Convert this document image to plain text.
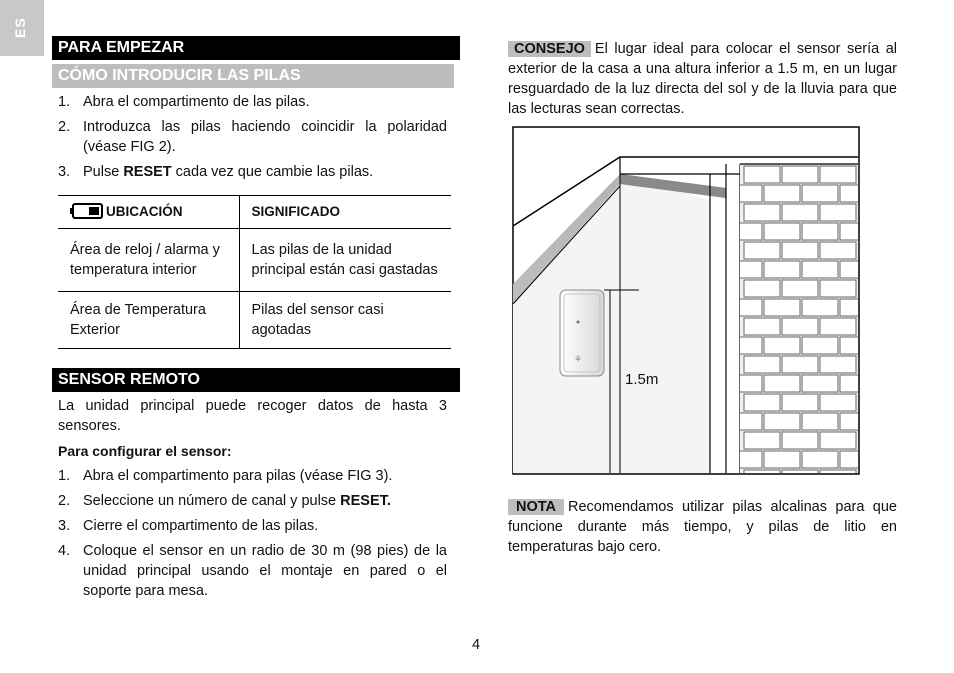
ES
PARA EMPEZAR
CÓMO INTRODUCIR LAS PILAS
1. Abra el compartimento de las pilas.
2. Introduzca las pilas haciendo coincidir la polaridad (véase FIG 2).
3. Pulse RESET cada vez que cambie las pilas.
UBICACIÓN	SIGNIFICADO
Área de reloj / alarma y temperatura interior	Las pilas de la unidad principal están casi gastadas
Área de Temperatura Exterior	Pilas del sensor casi agotadas
SENSOR REMOTO
La unidad principal puede recoger datos de hasta 3 sensores.
Para configurar el sensor:
1. Abra el compartimento para pilas (véase FIG 3).
2. Seleccione un número de canal y pulse RESET.
3. Cierre el compartimento de las pilas.
4. Coloque el sensor en un radio de 30 m (98 pies) de la unidad principal usando el montaje en pared o el soporte para mesa.
CONSEJO El lugar ideal para colocar el sensor sería al exterior de la casa a una altura inferior a 1.5 m, en un lugar resguardado de la luz directa del sol y de la lluvia para que las lecturas sean correctas.
⚘
1.5m
NOTA Recomendamos utilizar pilas alcalinas para que funcione durante más tiempo, y pilas de litio en temperaturas bajo cero.
4
